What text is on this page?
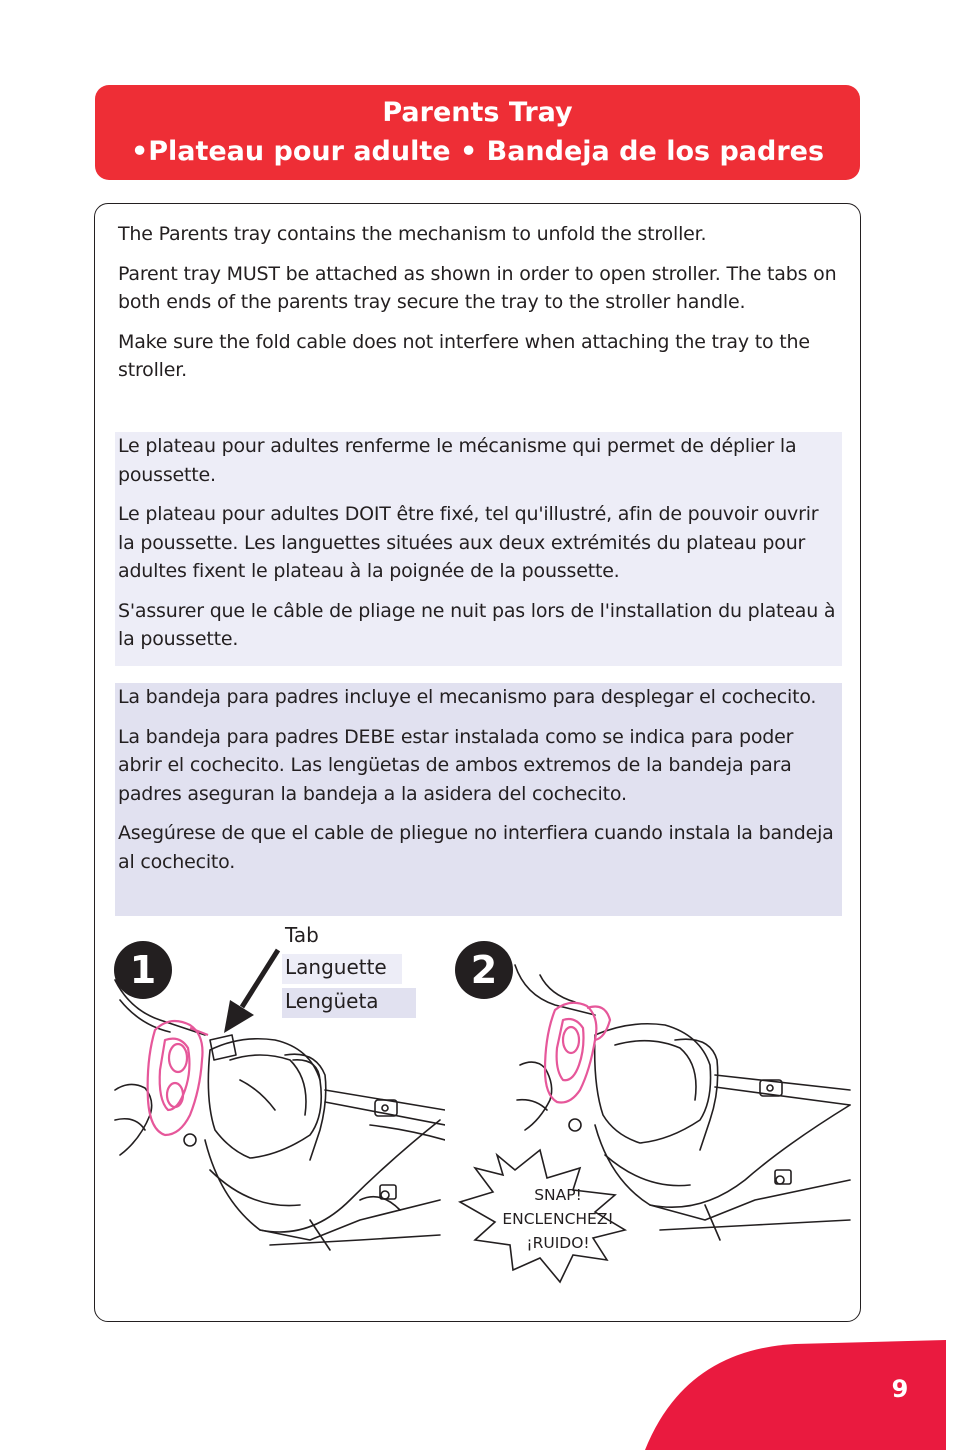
Parents Tray
•Plateau pour adulte • Bandeja de los padres

The Parents tray contains the mechanism to unfold the stroller.

Parent tray MUST be attached as shown in order to open stroller. The tabs on both ends of the parents tray secure the tray to the stroller handle.

Make sure the fold cable does not interfere when attaching the tray to the stroller.

Le plateau pour adultes renferme le mécanisme qui permet de déplier la poussette.

Le plateau pour adultes DOIT être fixé, tel qu'illustré, afin de pouvoir ouvrir la poussette. Les languettes situées aux deux extrémités du plateau pour adultes fixent le plateau à la poignée de la poussette.

S'assurer que le câble de pliage ne nuit pas lors de l'installation du plateau à la poussette.

La bandeja para padres incluye el mecanismo para desplegar el cochecito.

La bandeja para padres DEBE estar instalada como se indica para poder abrir el cochecito. Las lengüetas de ambos extremos de la bandeja para padres aseguran la bandeja a la asidera del cochecito.

Asegúrese de que el cable de pliegue no interfiera cuando instala la bandeja al cochecito.

1
Tab
Languette
Lengüeta
2
SNAP!
ENCLENCHEZ!
¡RUIDO!
9
